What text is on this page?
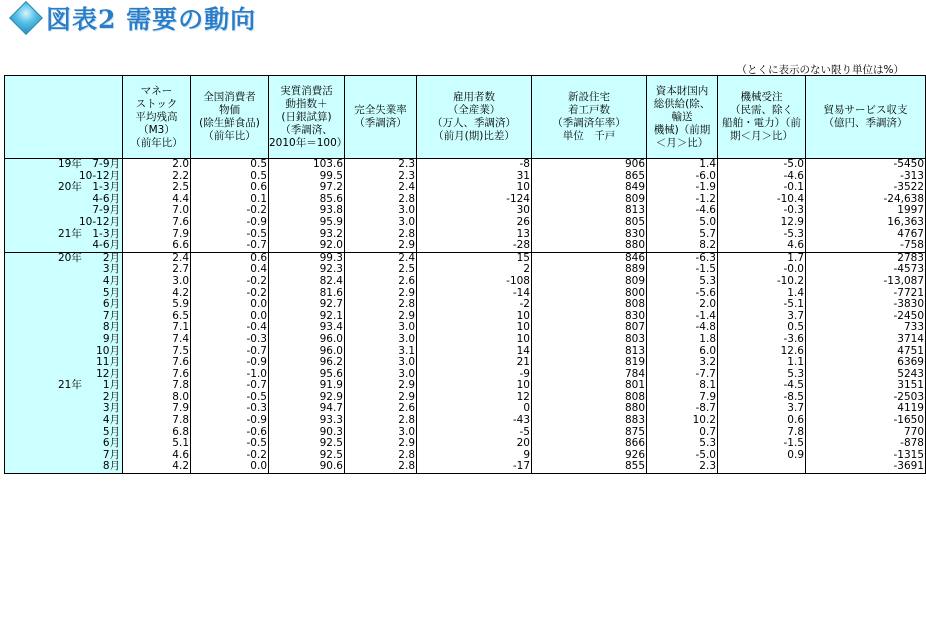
図表2 需要の動向
（とくに表示のない限り単位は%）
	マネー
ストック
平均残高
（M3）
（前年比）	全国消費者
物価
(除生鮮食品)
（前年比）	実質消費活
動指数＋
(日銀試算)
（季調済、
2010年＝100）	完全失業率
（季調済）	雇用者数
（全産業）
（万人、季調済）
（前月(期)比差）	新設住宅
着工戸数
（季調済年率）
単位　千戸	資本財国内
総供給(除、
輸送
機械)（前期
＜月＞比）	機械受注
（民需、除く
船舶・電力）（前
期＜月＞比）	貿易サービス収支
（億円、季調済）
19年　7-9月	2.0	0.5	103.6	2.3	-8	906	1.4	-5.0	-5450
10-12月	2.2	0.5	99.5	2.3	31	865	-6.0	-4.6	-313
20年　1-3月	2.5	0.6	97.2	2.4	10	849	-1.9	-0.1	-3522
4-6月	4.4	0.1	85.6	2.8	-124	809	-1.2	-10.4	-24,638
7-9月	7.0	-0.2	93.8	3.0	30	813	-4.6	-0.3	1997
10-12月	7.6	-0.9	95.9	3.0	26	805	5.0	12.9	16,363
21年　1-3月	7.9	-0.5	93.2	2.8	13	830	5.7	-5.3	4767
4-6月	6.6	-0.7	92.0	2.9	-28	880	8.2	4.6	-758
20年　　2月	2.4	0.6	99.3	2.4	15	846	-6.3	1.7	2783
3月	2.7	0.4	92.3	2.5	2	889	-1.5	-0.0	-4573
4月	3.0	-0.2	82.4	2.6	-108	809	5.3	-10.2	-13,087
5月	4.2	-0.2	81.6	2.9	-14	800	-5.6	1.4	-7721
6月	5.9	0.0	92.7	2.8	-2	808	2.0	-5.1	-3830
7月	6.5	0.0	92.1	2.9	10	830	-1.4	3.7	-2450
8月	7.1	-0.4	93.4	3.0	10	807	-4.8	0.5	733
9月	7.4	-0.3	96.0	3.0	10	803	1.8	-3.6	3714
10月	7.5	-0.7	96.0	3.1	14	813	6.0	12.6	4751
11月	7.6	-0.9	96.2	3.0	21	819	3.2	1.1	6369
12月	7.6	-1.0	95.6	3.0	-9	784	-7.7	5.3	5243
21年　　1月	7.8	-0.7	91.9	2.9	10	801	8.1	-4.5	3151
2月	8.0	-0.5	92.9	2.9	12	808	7.9	-8.5	-2503
3月	7.9	-0.3	94.7	2.6	0	880	-8.7	3.7	4119
4月	7.8	-0.9	93.3	2.8	-43	883	10.2	0.6	-1650
5月	6.8	-0.6	90.3	3.0	-5	875	0.7	7.8	770
6月	5.1	-0.5	92.5	2.9	20	866	5.3	-1.5	-878
7月	4.6	-0.2	92.5	2.8	9	926	-5.0	0.9	-1315
8月	4.2	0.0	90.6	2.8	-17	855	2.3		-3691
